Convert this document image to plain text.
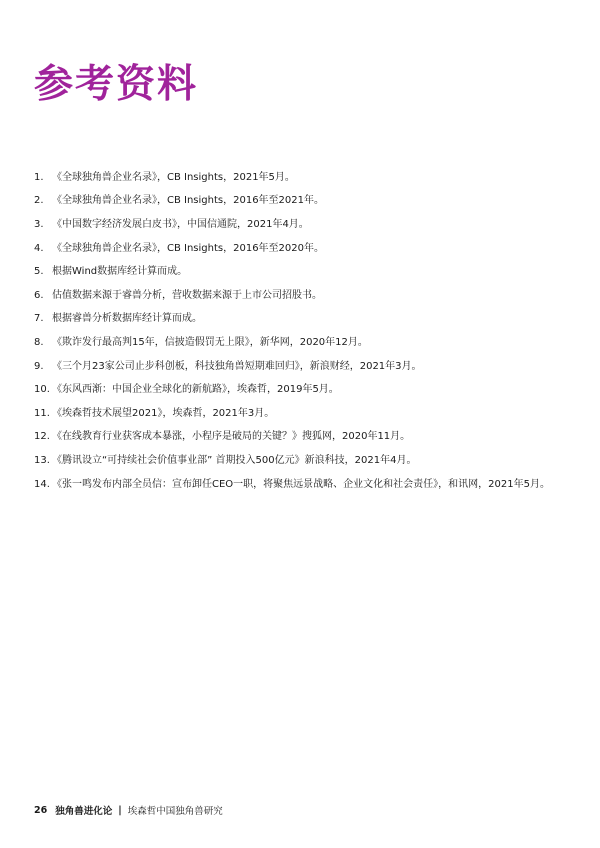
参考资料
1. 《全球独角兽企业名录》，CB Insights，2021年5月。
2. 《全球独角兽企业名录》，CB Insights，2016年至2021年。
3. 《中国数字经济发展白皮书》，中国信通院，2021年4月。
4. 《全球独角兽企业名录》，CB Insights，2016年至2020年。
5. 根据Wind数据库经计算而成。
6. 估值数据来源于睿兽分析，营收数据来源于上市公司招股书。
7. 根据睿兽分析数据库经计算而成。
8. 《欺诈发行最高判15年，信披造假罚无上限》，新华网，2020年12月。
9. 《三个月23家公司止步科创板，科技独角兽短期难回归》，新浪财经，2021年3月。
10. 《东风西渐：中国企业全球化的新航路》，埃森哲，2019年5月。
11. 《埃森哲技术展望2021》，埃森哲，2021年3月。
12. 《在线教育行业获客成本暴涨，小程序是破局的关键？》搜狐网，2020年11月。
13. 《腾讯设立“可持续社会价值事业部” 首期投入500亿元》新浪科技，2021年4月。
14. 《张一鸣发布内部全员信：宣布卸任CEO一职，将聚焦远景战略、企业文化和社会责任》，和讯网，2021年5月。
26 独角兽进化论 | 埃森哲中国独角兽研究
